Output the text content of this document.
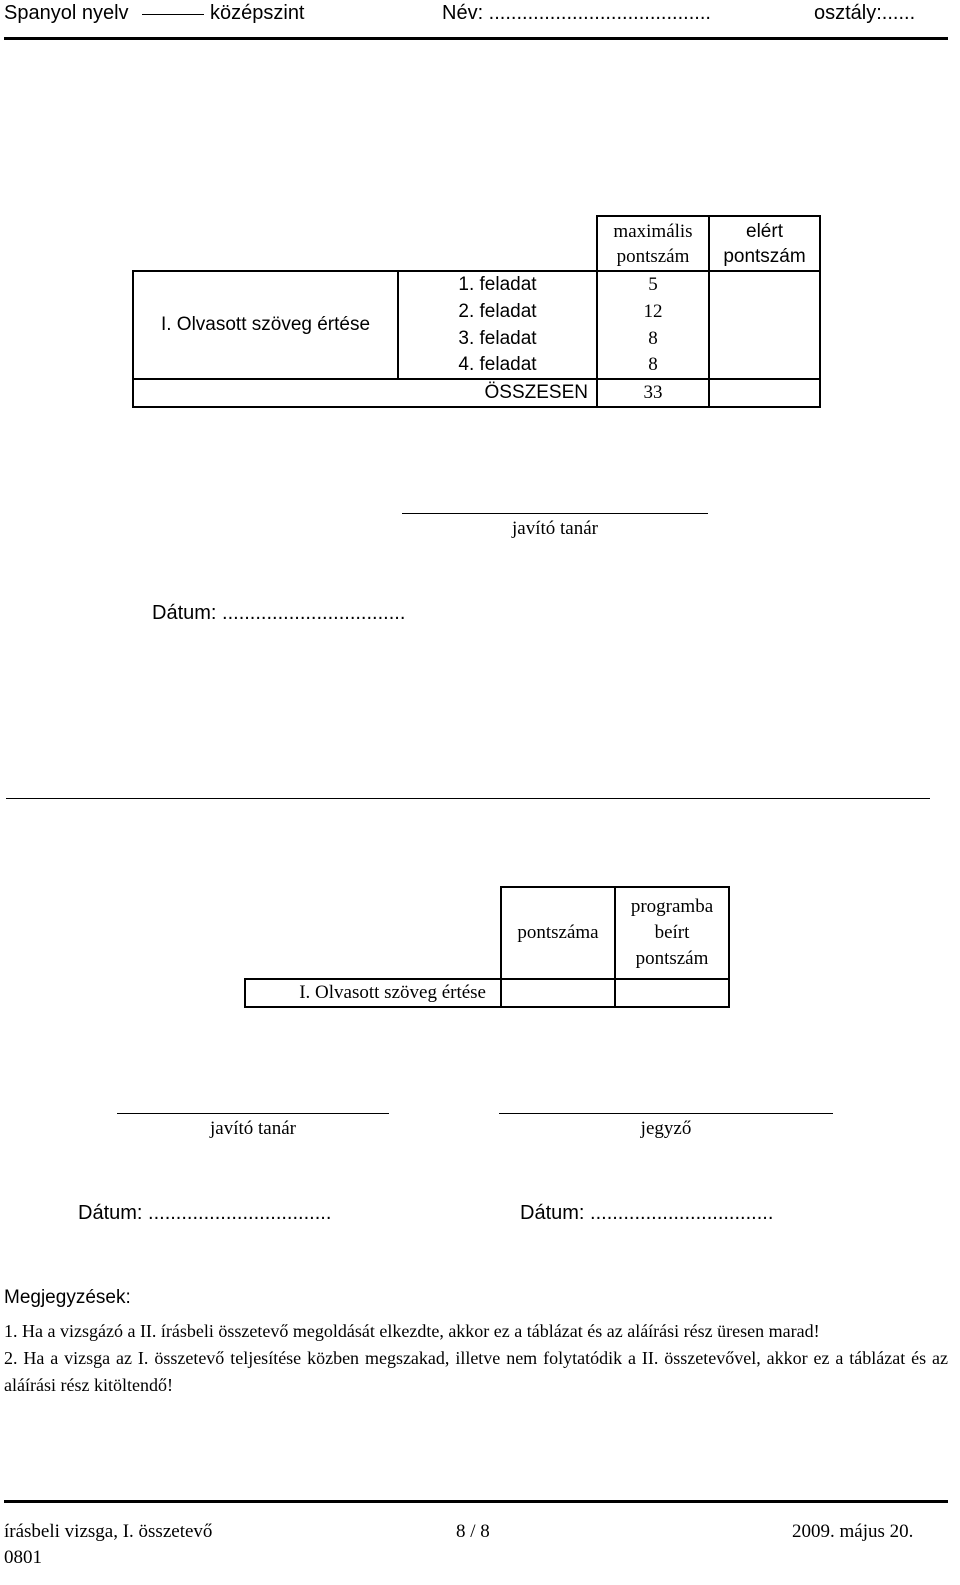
Spanyol nyelv	középszint	Név: ........................................	osztály:......
		maximális pontszám	elért pontszám
I. Olvasott szöveg értése	1. feladat	5	
	2. feladat	12	
	3. feladat	8	
	4. feladat	8	
	ÖSSZESEN	33	
javító tanár
Dátum: .................................
	pontszáma	programba beírt pontszám
I. Olvasott szöveg értése		
javító tanár	jegyző
Dátum: .................................	Dátum: .................................
Megjegyzések:

1. Ha a vizsgázó a II. írásbeli összetevő megoldását elkezdte, akkor ez a táblázat és az aláírási rész üresen marad!

2. Ha a vizsga az I. összetevő teljesítése közben megszakad, illetve nem folytatódik a II. összetevővel, akkor ez a táblázat és az aláírási rész kitöltendő!

írásbeli vizsga, I. összetevő
0801
8 / 8	2009. május 20.
